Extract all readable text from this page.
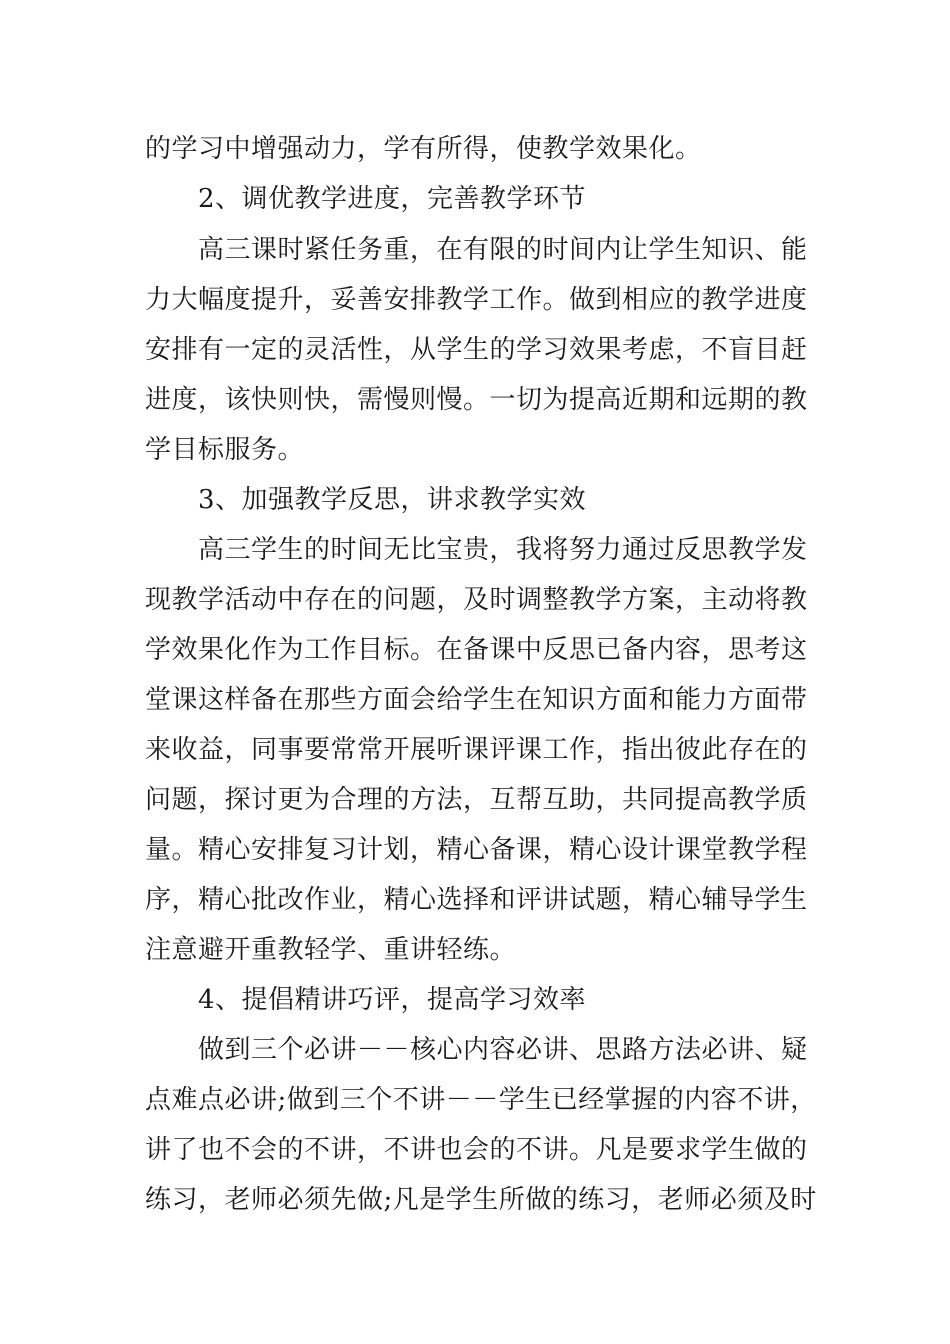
的学习中增强动力，学有所得，使教学效果化。
2、调优教学进度，完善教学环节
高三课时紧任务重，在有限的时间内让学生知识、能
力大幅度提升，妥善安排教学工作。做到相应的教学进度
安排有一定的灵活性，从学生的学习效果考虑，不盲目赶
进度，该快则快，需慢则慢。一切为提高近期和远期的教
学目标服务。
3、加强教学反思，讲求教学实效
高三学生的时间无比宝贵，我将努力通过反思教学发
现教学活动中存在的问题，及时调整教学方案，主动将教
学效果化作为工作目标。在备课中反思已备内容，思考这
堂课这样备在那些方面会给学生在知识方面和能力方面带
来收益，同事要常常开展听课评课工作，指出彼此存在的
问题，探讨更为合理的方法，互帮互助，共同提高教学质
量。精心安排复习计划，精心备课，精心设计课堂教学程
序，精心批改作业，精心选择和评讲试题，精心辅导学生
注意避开重教轻学、重讲轻练。
4、提倡精讲巧评，提高学习效率
做到三个必讲－－核心内容必讲、思路方法必讲、疑
点难点必讲;做到三个不讲－－学生已经掌握的内容不讲，
讲了也不会的不讲，不讲也会的不讲。凡是要求学生做的
练习，老师必须先做;凡是学生所做的练习，老师必须及时
